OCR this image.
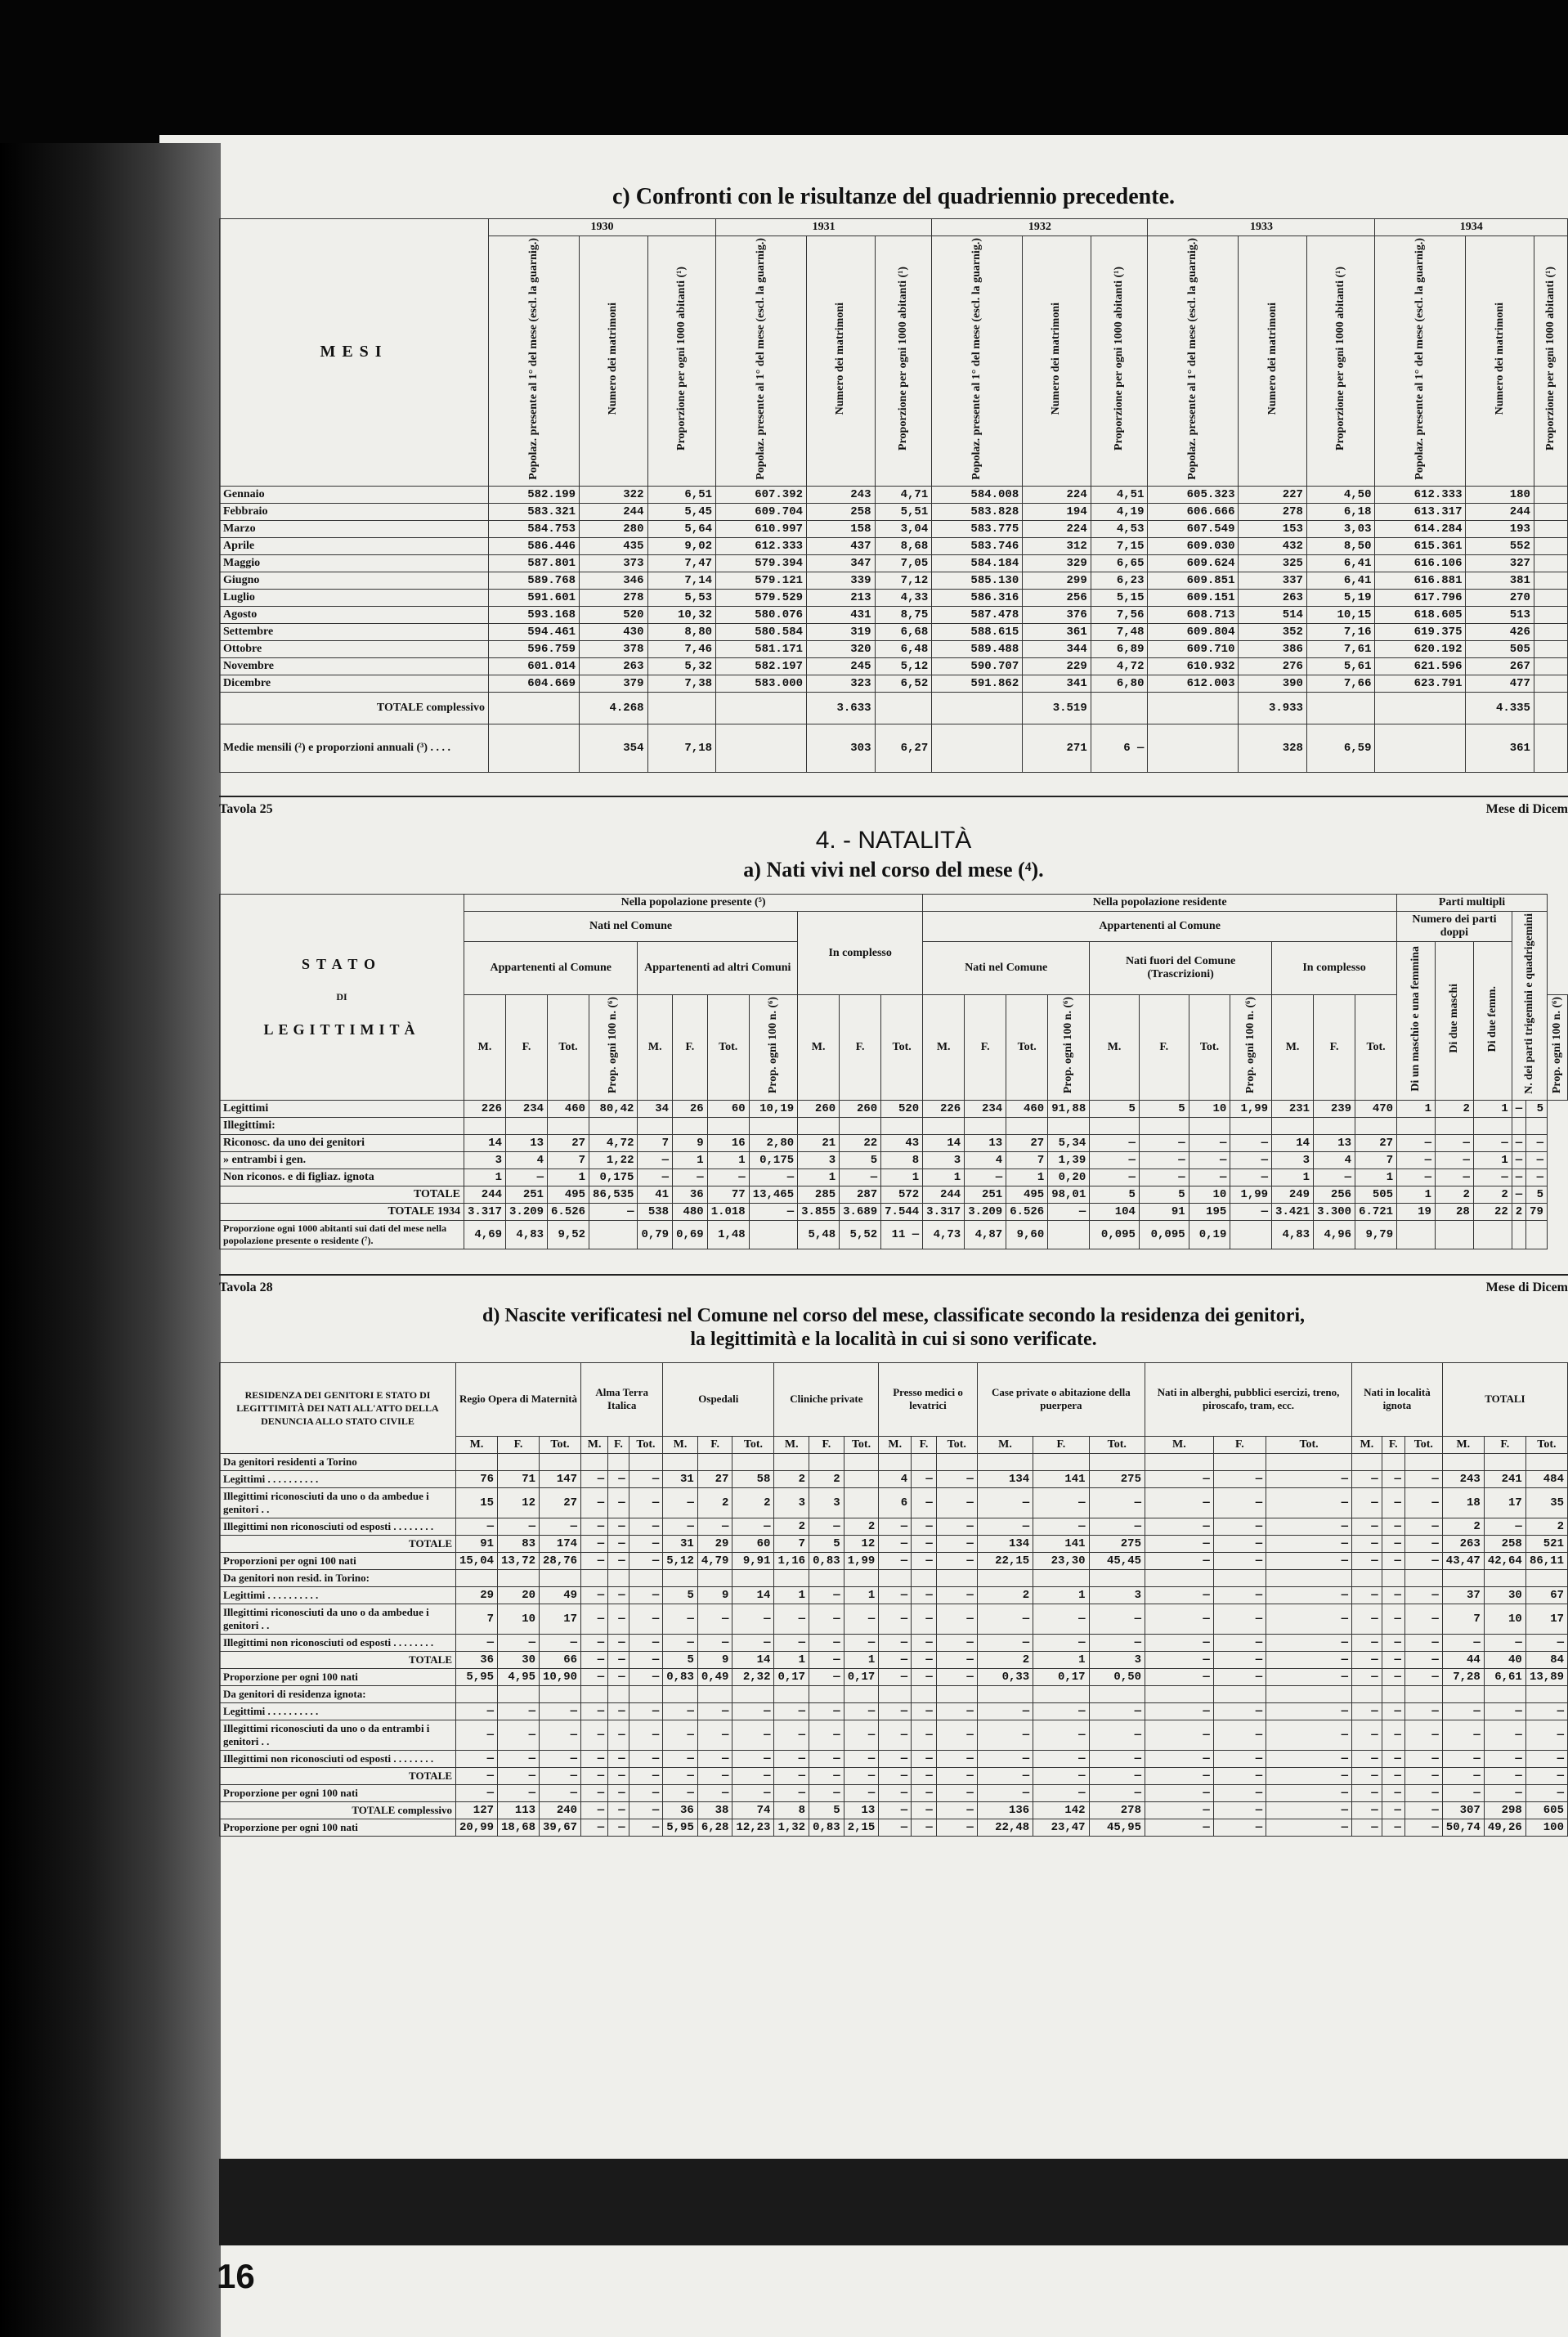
c) Confronti con le risultanze del quadriennio precedente.
MESI	1930			1931			1932			1933			1934		
	Popolaz. presente al 1° del mese (escl. la guarnig.)	Numero dei matrimoni	Proporzione per ogni 1000 abitanti (¹)	Popolaz. presente al 1° del mese (escl. la guarnig.)	Numero dei matrimoni	Proporzione per ogni 1000 abitanti (¹)	Popolaz. presente al 1° del mese (escl. la guarnig.)	Numero dei matrimoni	Proporzione per ogni 1000 abitanti (¹)	Popolaz. presente al 1° del mese (escl. la guarnig.)	Numero dei matrimoni	Proporzione per ogni 1000 abitanti (¹)	Popolaz. presente al 1° del mese (escl. la guarnig.)	Numero dei matrimoni	Proporzione per ogni 1000 abitanti (¹)
Gennaio	582.199	322	6,51	607.392	243	4,71	584.008	224	4,51	605.323	227	4,50	612.333	180	
Febbraio	583.321	244	5,45	609.704	258	5,51	583.828	194	4,19	606.666	278	6,18	613.317	244	
Marzo	584.753	280	5,64	610.997	158	3,04	583.775	224	4,53	607.549	153	3,03	614.284	193	
Aprile	586.446	435	9,02	612.333	437	8,68	583.746	312	7,15	609.030	432	8,50	615.361	552	
Maggio	587.801	373	7,47	579.394	347	7,05	584.184	329	6,65	609.624	325	6,41	616.106	327	
Giugno	589.768	346	7,14	579.121	339	7,12	585.130	299	6,23	609.851	337	6,41	616.881	381	
Luglio	591.601	278	5,53	579.529	213	4,33	586.316	256	5,15	609.151	263	5,19	617.796	270	
Agosto	593.168	520	10,32	580.076	431	8,75	587.478	376	7,56	608.713	514	10,15	618.605	513	
Settembre	594.461	430	8,80	580.584	319	6,68	588.615	361	7,48	609.804	352	7,16	619.375	426	
Ottobre	596.759	378	7,46	581.171	320	6,48	589.488	344	6,89	609.710	386	7,61	620.192	505	
Novembre	601.014	263	5,32	582.197	245	5,12	590.707	229	4,72	610.932	276	5,61	621.596	267	
Dicembre	604.669	379	7,38	583.000	323	6,52	591.862	341	6,80	612.003	390	7,66	623.791	477	
TOTALE complessivo		4.268			3.633			3.519			3.933			4.335	
Medie mensili (²) e proporzioni annuali (³) . . . .		354	7,18		303	6,27		271	6 —		328	6,59		361	
Tavola 25	Mese di Dicem
4. - NATALITÀ
a) Nati vivi nel corso del mese (⁴).
STATO
DI
LEGITTIMITÀ	Nella popolazione presente (⁵)											Nella popolazione residente											Parti multipli					
	Nati nel Comune								In complesso			Appartenenti al Comune											Numero dei parti doppi			N. dei parti trigemini e quadrigemini		
	Appartenenti al Comune				Appartenenti ad altri Comuni							Nati nel Comune				Nati fuori del Comune (Trascrizioni)				In complesso			Di un maschio e una femmina	Di due maschi	Di due femm.			
	M.	F.	Tot.	Prop. ogni 100 n. (⁶)	M.	F.	Tot.	Prop. ogni 100 n. (⁶)	M.	F.	Tot.	M.	F.	Tot.	Prop. ogni 100 n. (⁶)	M.	F.	Tot.	Prop. ogni 100 n. (⁶)	M.	F.	Tot.						Prop. ogni 100 n. (⁶)
Legittimi	226	234	460	80,42	34	26	60	10,19	260	260	520	226	234	460	91,88	5	5	10	1,99	231	239	470	1	2	1	—	5	
Illegittimi:																												
Riconosc. da uno dei genitori	14	13	27	4,72	7	9	16	2,80	21	22	43	14	13	27	5,34	—	—	—	—	14	13	27	—	—	—	—	—	
» entrambi i gen.	3	4	7	1,22	—	1	1	0,175	3	5	8	3	4	7	1,39	—	—	—	—	3	4	7	—	—	1	—	—	
Non riconos. e di figliaz. ignota	1	—	1	0,175	—	—	—	—	1	—	1	1	—	1	0,20	—	—	—	—	1	—	1	—	—	—	—	—	
TOTALE	244	251	495	86,535	41	36	77	13,465	285	287	572	244	251	495	98,01	5	5	10	1,99	249	256	505	1	2	2	—	5	
TOTALE 1934	3.317	3.209	6.526	—	538	480	1.018	—	3.855	3.689	7.544	3.317	3.209	6.526	—	104	91	195	—	3.421	3.300	6.721	19	28	22	2	79	
Proporzione ogni 1000 abitanti sui dati del mese nella popolazione presente o residente (⁷).	4,69	4,83	9,52		0,79	0,69	1,48		5,48	5,52	11 —	4,73	4,87	9,60		0,095	0,095	0,19		4,83	4,96	9,79						
Tavola 28	Mese di Dicem
d) Nascite verificatesi nel Comune nel corso del mese, classificate secondo la residenza dei genitori,
la legittimità e la località in cui si sono verificate.
RESIDENZA DEI GENITORI E STATO DI LEGITTIMITÀ DEI NATI ALL'ATTO DELLA DENUNCIA ALLO STATO CIVILE	Regio Opera di Maternità			Alma Terra Italica			Ospedali			Cliniche private			Presso medici o levatrici			Case private o abitazione della puerpera			Nati in alberghi, pubblici esercizi, treno, piroscafo, tram, ecc.			Nati in località ignota			TOTALI		
	M.	F.	Tot.	M.	F.	Tot.	M.	F.	Tot.	M.	F.	Tot.	M.	F.	Tot.	M.	F.	Tot.	M.	F.	Tot.	M.	F.	Tot.	M.	F.	Tot.
Da genitori residenti a Torino																											
Legittimi . . . . . . . . . .	76	71	147	—	—	—	31	27	58	2	2		4	—	—	134	141	275	—	—	—	—	—	—	243	241	484
Illegittimi riconosciuti da uno o da ambedue i genitori . .	15	12	27	—	—	—	—	2	2	3	3		6	—	—	—	—	—	—	—	—	—	—	—	18	17	35
Illegittimi non riconosciuti od esposti . . . . . . . .	—	—	—	—	—	—	—	—	—	2	—	2	—	—	—	—	—	—	—	—	—	—	—	—	2	—	2
TOTALE	91	83	174	—	—	—	31	29	60	7	5	12	—	—	—	134	141	275	—	—	—	—	—	—	263	258	521
Proporzioni per ogni 100 nati	15,04	13,72	28,76	—	—	—	5,12	4,79	9,91	1,16	0,83	1,99	—	—	—	22,15	23,30	45,45	—	—	—	—	—	—	43,47	42,64	86,11
Da genitori non resid. in Torino:																											
Legittimi . . . . . . . . . .	29	20	49	—	—	—	5	9	14	1	—	1	—	—	—	2	1	3	—	—	—	—	—	—	37	30	67
Illegittimi riconosciuti da uno o da ambedue i genitori . .	7	10	17	—	—	—	—	—	—	—	—	—	—	—	—	—	—	—	—	—	—	—	—	—	7	10	17
Illegittimi non riconosciuti od esposti . . . . . . . .	—	—	—	—	—	—	—	—	—	—	—	—	—	—	—	—	—	—	—	—	—	—	—	—	—	—	—
TOTALE	36	30	66	—	—	—	5	9	14	1	—	1	—	—	—	2	1	3	—	—	—	—	—	—	44	40	84
Proporzione per ogni 100 nati	5,95	4,95	10,90	—	—	—	0,83	0,49	2,32	0,17	—	0,17	—	—	—	0,33	0,17	0,50	—	—	—	—	—	—	7,28	6,61	13,89
Da genitori di residenza ignota:																											
Legittimi . . . . . . . . . .	—	—	—	—	—	—	—	—	—	—	—	—	—	—	—	—	—	—	—	—	—	—	—	—	—	—	—
Illegittimi riconosciuti da uno o da entrambi i genitori . .	—	—	—	—	—	—	—	—	—	—	—	—	—	—	—	—	—	—	—	—	—	—	—	—	—	—	—
Illegittimi non riconosciuti od esposti . . . . . . . .	—	—	—	—	—	—	—	—	—	—	—	—	—	—	—	—	—	—	—	—	—	—	—	—	—	—	—
TOTALE	—	—	—	—	—	—	—	—	—	—	—	—	—	—	—	—	—	—	—	—	—	—	—	—	—	—	—
Proporzione per ogni 100 nati	—	—	—	—	—	—	—	—	—	—	—	—	—	—	—	—	—	—	—	—	—	—	—	—	—	—	—
TOTALE complessivo	127	113	240	—	—	—	36	38	74	8	5	13	—	—	—	136	142	278	—	—	—	—	—	—	307	298	605
Proporzione per ogni 100 nati	20,99	18,68	39,67	—	—	—	5,95	6,28	12,23	1,32	0,83	2,15	—	—	—	22,48	23,47	45,95	—	—	—	—	—	—	50,74	49,26	100
16
